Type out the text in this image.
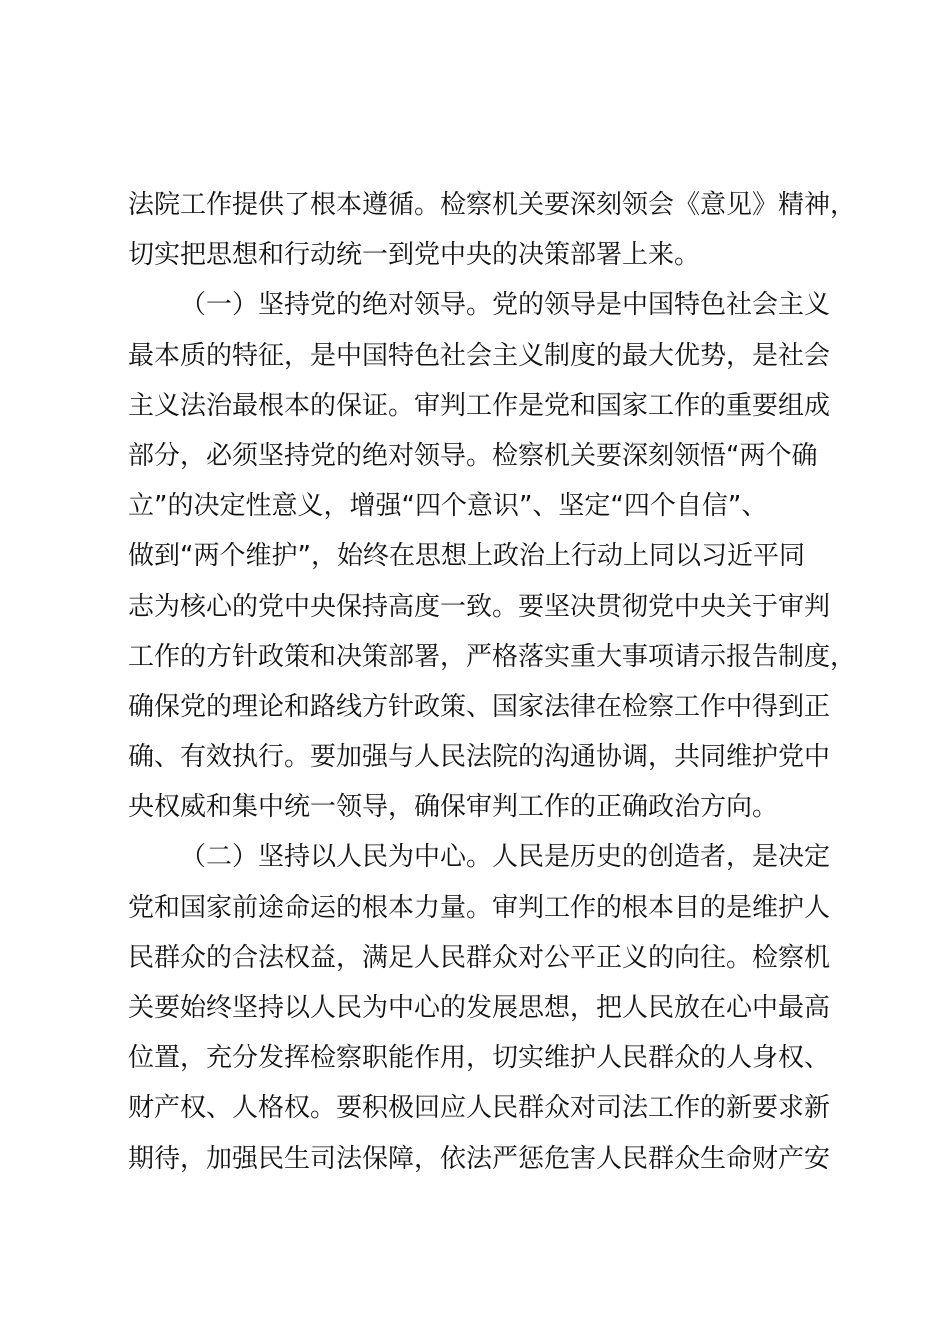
法院工作提供了根本遵循。检察机关要深刻领会《意见》精神，
切实把思想和行动统一到党中央的决策部署上来。
（一）坚持党的绝对领导。党的领导是中国特色社会主义
最本质的特征，是中国特色社会主义制度的最大优势，是社会
主义法治最根本的保证。审判工作是党和国家工作的重要组成
部分，必须坚持党的绝对领导。检察机关要深刻领悟“两个确
立”的决定性意义，增强“四个意识”、坚定“四个自信”、
做到“两个维护”，始终在思想上政治上行动上同以习近平同
志为核心的党中央保持高度一致。要坚决贯彻党中央关于审判
工作的方针政策和决策部署，严格落实重大事项请示报告制度，
确保党的理论和路线方针政策、国家法律在检察工作中得到正
确、有效执行。要加强与人民法院的沟通协调，共同维护党中
央权威和集中统一领导，确保审判工作的正确政治方向。
（二）坚持以人民为中心。人民是历史的创造者，是决定
党和国家前途命运的根本力量。审判工作的根本目的是维护人
民群众的合法权益，满足人民群众对公平正义的向往。检察机
关要始终坚持以人民为中心的发展思想，把人民放在心中最高
位置，充分发挥检察职能作用，切实维护人民群众的人身权、
财产权、人格权。要积极回应人民群众对司法工作的新要求新
期待，加强民生司法保障，依法严惩危害人民群众生命财产安
